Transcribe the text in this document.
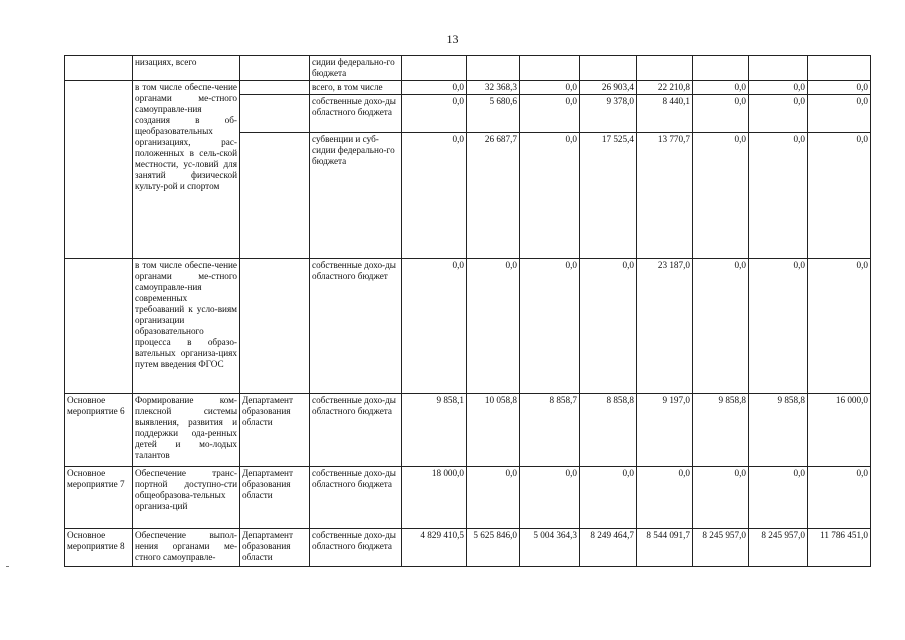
13
	низациях, всего		сидии федерально-го бюджета								
	в том числе обеспе-чение органами ме-стного самоуправле-ния создания в об-щеобразовательных организациях, рас-положенных в сель-ской местности, ус-ловий для занятий физической культу-рой и спортом		всего, в том числе	0,0	32 368,3	0,0	26 903,4	22 210,8	0,0	0,0	0,0
			собственные дохо-ды областного бюджета	0,0	5 680,6	0,0	9 378,0	8 440,1	0,0	0,0	0,0
			субвенции и суб-сидии федерально-го бюджета	0,0	26 687,7	0,0	17 525,4	13 770,7	0,0	0,0	0,0
	в том числе обеспе-чение органами ме-стного самоуправле-ния современных требоаваний к усло-виям организации образовательного процесса в образо-вательных организа-циях путем введения ФГОС		собственные дохо-ды областного бюджет	0,0	0,0	0,0	0,0	23 187,0	0,0	0,0	0,0
Основное мероприятие 6	Формирование ком-плексной системы выявления, развития и поддержки ода-ренных детей и мо-лодых талантов	Департамент образования области	собственные дохо-ды областного бюджета	9 858,1	10 058,8	8 858,7	8 858,8	9 197,0	9 858,8	9 858,8	16 000,0
Основное мероприятие 7	Обеспечение транс-портной доступно-сти общеобразова-тельных организа-ций	Департамент образования области	собственные дохо-ды областного бюджета	18 000,0	0,0	0,0	0,0	0,0	0,0	0,0	0,0
Основное мероприятие 8	Обеспечение выпол-нения органами ме-стного самоуправле-	Департамент образования области	собственные дохо-ды областного бюджета	4 829 410,5	5 625 846,0	5 004 364,3	8 249 464,7	8 544 091,7	8 245 957,0	8 245 957,0	11 786 451,0
